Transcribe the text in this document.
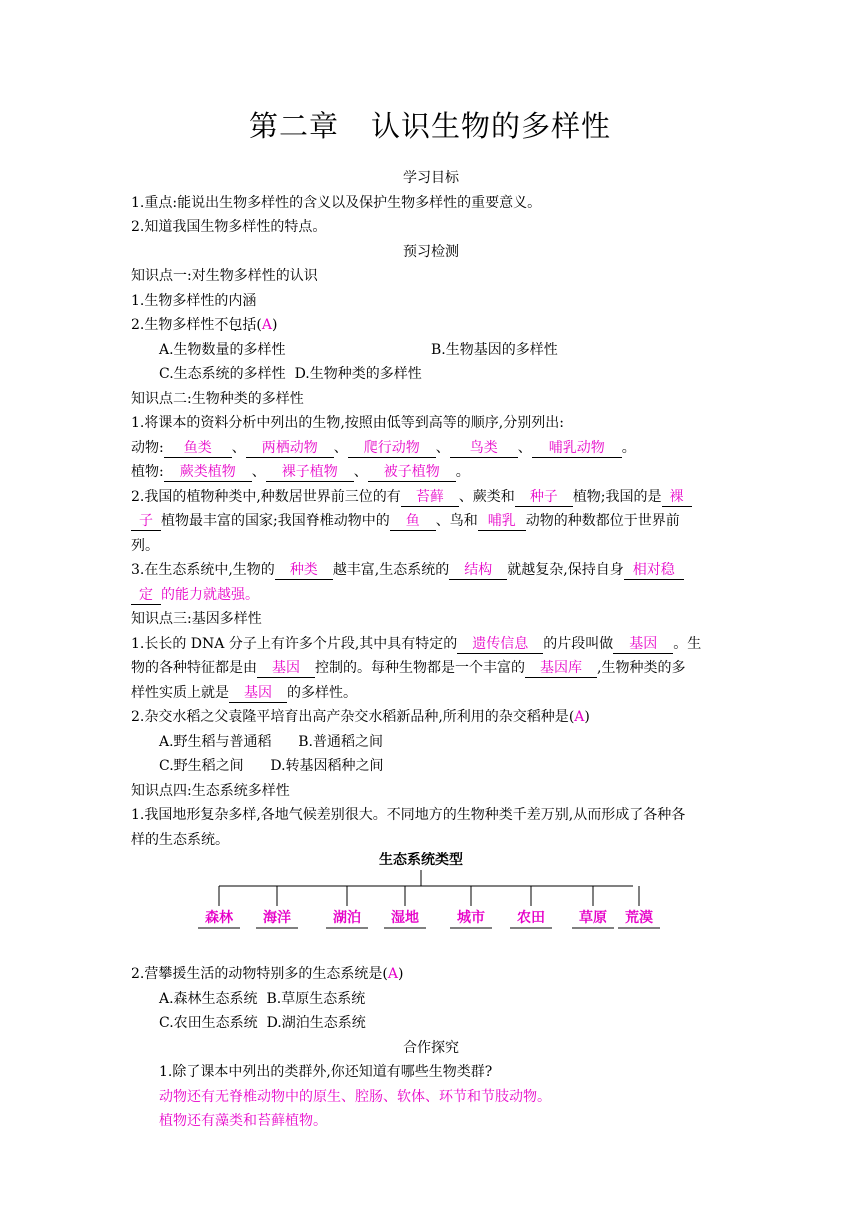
第二章 认识生物的多样性
学习目标
1.重点:能说出生物多样性的含义以及保护生物多样性的重要意义。
2.知道我国生物多样性的特点。
预习检测
知识点一:对生物多样性的认识
1.生物多样性的内涵
2.生物多样性不包括(A)
A.生物数量的多样性	B.生物基因的多样性
C.生态系统的多样性 D.生物种类的多样性
知识点二:生物种类的多样性
1.将课本的资料分析中列出的生物,按照由低等到高等的顺序,分别列出:
动物: 鱼类 、 两栖动物 、 爬行动物 、 鸟类 、 哺乳动物 。
植物: 蕨类植物 、 裸子植物 、 被子植物 。
2.我国的植物种类中,种数居世界前三位的有 苔藓 、蕨类和 种子 植物;我国的是 裸
子 植物最丰富的国家;我国脊椎动物中的 鱼 、鸟和 哺乳 动物的种数都位于世界前
列。
3.在生态系统中,生物的 种类 越丰富,生态系统的 结构 就越复杂,保持自身 相对稳
定 的能力就越强。
知识点三:基因多样性
1.长长的 DNA 分子上有许多个片段,其中具有特定的 遗传信息 的片段叫做 基因 。生
物的各种特征都是由 基因 控制的。每种生物都是一个丰富的 基因库 ,生物种类的多
样性实质上就是 基因 的多样性。
2.杂交水稻之父袁隆平培育出高产杂交水稻新品种,所利用的杂交稻种是(A)
A.野生稻与普通稻 B.普通稻之间
C.野生稻之间 D.转基因稻种之间
知识点四:生态系统多样性
1.我国地形复杂多样,各地气候差别很大。不同地方的生物种类千差万别,从而形成了各种各
样的生态系统。
生态系统类型
森林 海洋	湖泊 湿地	城市 农田 草原 荒漠
2.营攀援生活的动物特别多的生态系统是(A)
A.森林生态系统 B.草原生态系统
C.农田生态系统 D.湖泊生态系统
合作探究
1.除了课本中列出的类群外,你还知道有哪些生物类群?
动物还有无脊椎动物中的原生、腔肠、软体、环节和节肢动物。
植物还有藻类和苔藓植物。
